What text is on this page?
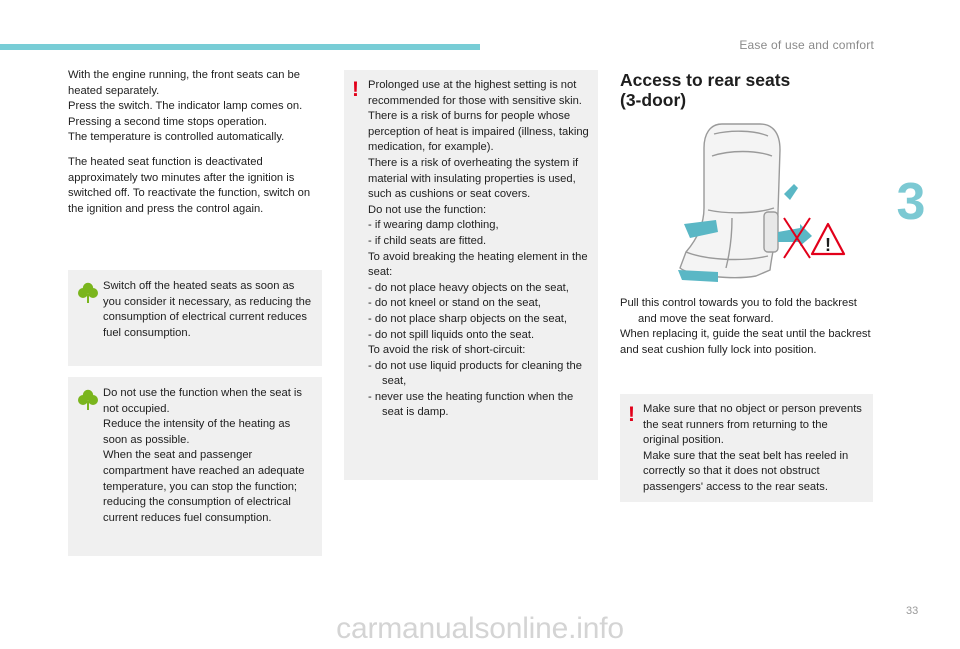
Ease of use and comfort
3

With the engine running, the front seats can be heated separately.

Press the switch. The indicator lamp comes on.

Pressing a second time stops operation.

The temperature is controlled automatically.

The heated seat function is deactivated approximately two minutes after the ignition is switched off. To reactivate the function, switch on the ignition and press the control again.

Switch off the heated seats as soon as you consider it necessary, as reducing the consumption of electrical current reduces fuel consumption.

Do not use the function when the seat is not occupied.

Reduce the intensity of the heating as soon as possible.

When the seat and passenger compartment have reached an adequate temperature, you can stop the function; reducing the consumption of electrical current reduces fuel consumption.

! Prolonged use at the highest setting is not recommended for those with sensitive skin.

There is a risk of burns for people whose perception of heat is impaired (illness, taking medication, for example).

There is a risk of overheating the system if material with insulating properties is used, such as cushions or seat covers.

Do not use the function:

- if wearing damp clothing,

- if child seats are fitted.

To avoid breaking the heating element in the seat:

- do not place heavy objects on the seat,

- do not kneel or stand on the seat,

- do not place sharp objects on the seat,

- do not spill liquids onto the seat.

To avoid the risk of short-circuit:

- do not use liquid products for cleaning the seat,

- never use the heating function when the seat is damp.

Access to rear seats
(3-door)
!

Pull this control towards you to fold the backrest and move the seat forward.

When replacing it, guide the seat until the backrest and seat cushion fully lock into position.

! Make sure that no object or person prevents the seat runners from returning to the original position.

Make sure that the seat belt has reeled in correctly so that it does not obstruct passengers' access to the rear seats.

33
carmanualsonline.info
